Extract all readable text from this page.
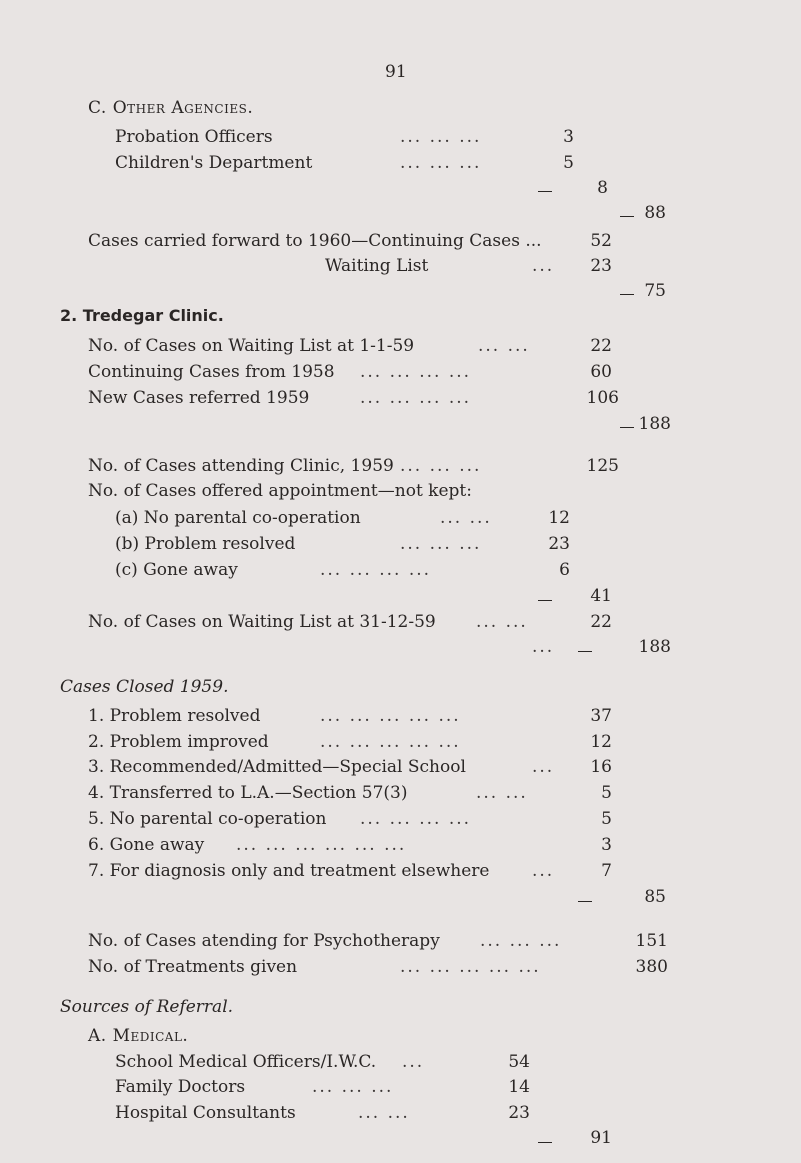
91
C. Other Agencies.
Probation Officers	... ... ...	3
Children's Department	... ... ...	5
8
88
Cases carried forward to 1960—Continuing Cases ...	52
Waiting List	...	23
75
2. Tredegar Clinic.
No. of Cases on Waiting List at 1-1-59	... ...	22
Continuing Cases from 1958 ... ... ... ...	60
New Cases referred 1959	... ... ... ...	106
188
No. of Cases attending Clinic, 1959 ... ... ...	125
No. of Cases offered appointment—not kept:
(a) No parental co-operation	... ...	12
(b) Problem resolved	... ... ...	23
(c) Gone away	... ... ... ...	6
41
No. of Cases on Waiting List at 31-12-59 ... ...	22
...	188
Cases Closed 1959.
1. Problem resolved	... ... ... ... ...	37
2. Problem improved	... ... ... ... ...	12
3. Recommended/Admitted—Special School	...	16
4. Transferred to L.A.—Section 57(3)	... ...	5
5. No parental co-operation ... ... ... ...	5
6. Gone away ... ... ... ... ... ...	3
7. For diagnosis only and treatment elsewhere	...	7
85
No. of Cases atending for Psychotherapy ... ... ...	151
No. of Treatments given	... ... ... ... ...	380
Sources of Referral.
A. Medical.
School Medical Officers/I.W.C. ...	54
Family Doctors	... ... ...	14
Hospital Consultants	... ...	23
91
